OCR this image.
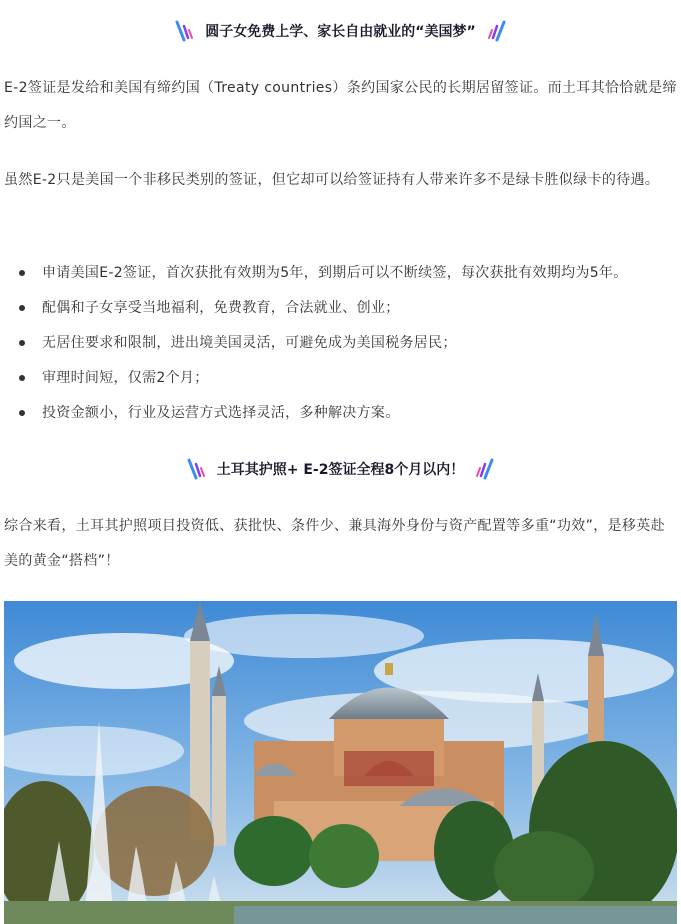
圆子女免费上学、家长自由就业的“美国梦”

E-2签证是发给和美国有缔约国（Treaty countries）条约国家公民的长期居留签证。而土耳其恰恰就是缔约国之一。

虽然E-2只是美国一个非移民类别的签证，但它却可以给签证持有人带来许多不是绿卡胜似绿卡的待遇。

申请美国E-2签证，首次获批有效期为5年，到期后可以不断续签，每次获批有效期均为5年。
配偶和子女享受当地福利，免费教育，合法就业、创业；
无居住要求和限制，进出境美国灵活，可避免成为美国税务居民；
审理时间短，仅需2个月；
投资金额小，行业及运营方式选择灵活，多种解决方案。
土耳其护照+ E-2签证全程8个月以内！

综合来看，土耳其护照项目投资低、获批快、条件少、兼具海外身份与资产配置等多重“功效”，是移英赴美的黄金“搭档”！
